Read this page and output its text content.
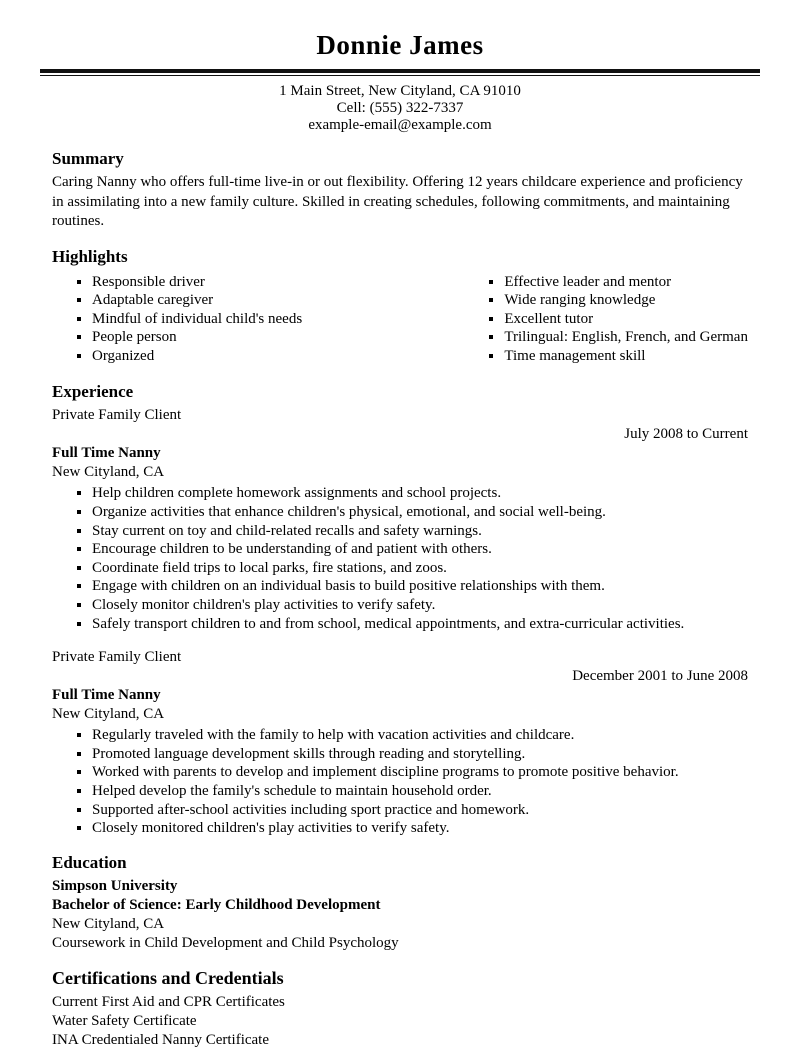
Donnie James
1 Main Street, New Cityland, CA 91010
Cell: (555) 322-7337
example-email@example.com
Summary

Caring Nanny who offers full-time live-in or out flexibility. Offering 12 years childcare experience and proficiency in assimilating into a new family culture. Skilled in creating schedules, following commitments, and maintaining routines.

Highlights
▪ Responsible driver
▪ Adaptable caregiver
▪ Mindful of individual child's needs
▪ People person
▪ Organized
▪ Effective leader and mentor
▪ Wide ranging knowledge
▪ Excellent tutor
▪ Trilingual: English, French, and German
▪ Time management skill
Experience
Private Family Client
July 2008 to Current
Full Time Nanny
New Cityland, CA
▪ Help children complete homework assignments and school projects.
▪ Organize activities that enhance children's physical, emotional, and social well-being.
▪ Stay current on toy and child-related recalls and safety warnings.
▪ Encourage children to be understanding of and patient with others.
▪ Coordinate field trips to local parks, fire stations, and zoos.
▪ Engage with children on an individual basis to build positive relationships with them.
▪ Closely monitor children's play activities to verify safety.
▪ Safely transport children to and from school, medical appointments, and extra-curricular activities.
Private Family Client
December 2001 to June 2008
Full Time Nanny
New Cityland, CA
▪ Regularly traveled with the family to help with vacation activities and childcare.
▪ Promoted language development skills through reading and storytelling.
▪ Worked with parents to develop and implement discipline programs to promote positive behavior.
▪ Helped develop the family's schedule to maintain household order.
▪ Supported after-school activities including sport practice and homework.
▪ Closely monitored children's play activities to verify safety.
Education
Simpson University
Bachelor of Science: Early Childhood Development
New Cityland, CA
Coursework in Child Development and Child Psychology
Certifications and Credentials
Current First Aid and CPR Certificates
Water Safety Certificate
INA Credentialed Nanny Certificate
